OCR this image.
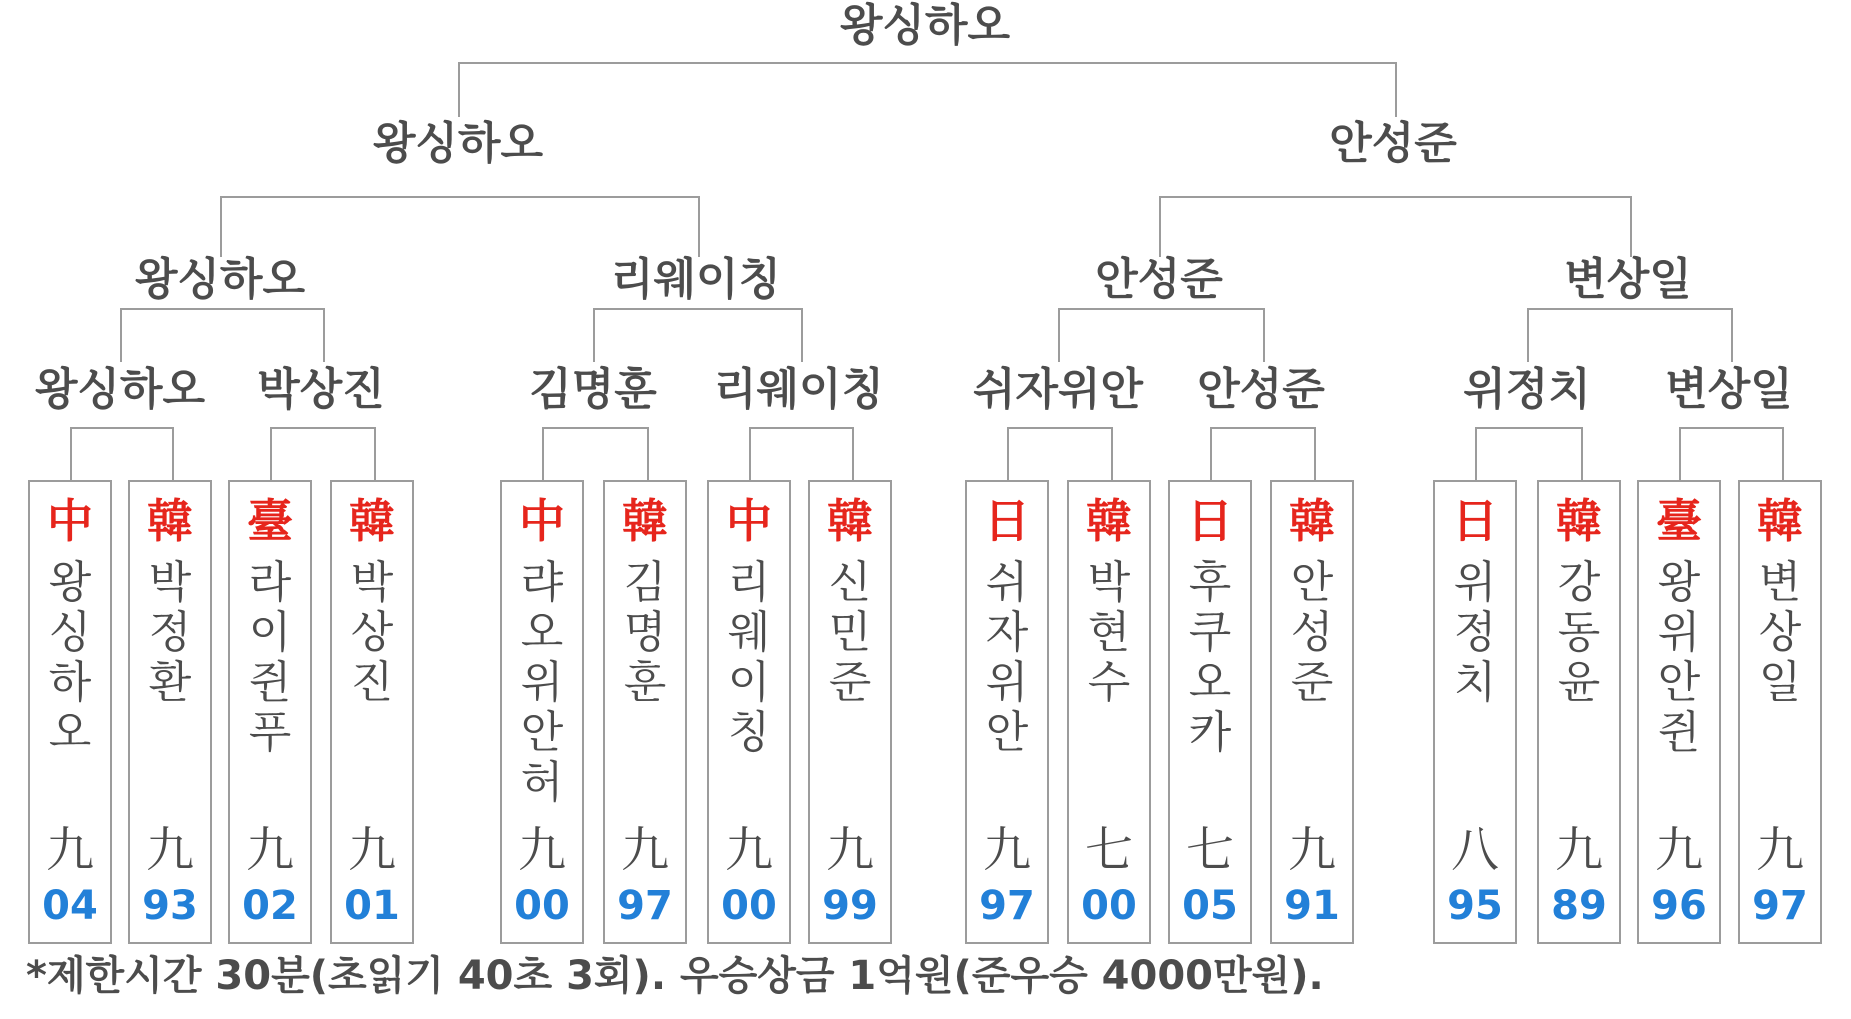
왕싱하오
왕싱하오	안성준
왕싱하오	리웨이칭	안성준	변상일
왕싱하오 박상진	김명훈 리웨이칭 쉬자위안 안성준	위정치 변상일
中
왕싱하오
九
04
韓
박정환
九
93
臺
라이쥔푸
九
02
韓
박상진
九
01
中
랴오위안허
九
00
韓
김명훈
九
97
中
리웨이칭
九
00
韓
신민준
九
99
日
쉬자위안
九
97
韓
박현수
七
00
日
후쿠오카
七
05
韓
안성준
九
91
日
위정치
八
95
韓
강동윤
九
89
臺
왕위안쥔
九
96
韓
변상일
九
97
*제한시간 30분(초읽기 40초 3회). 우승상금 1억원(준우승 4000만원).
